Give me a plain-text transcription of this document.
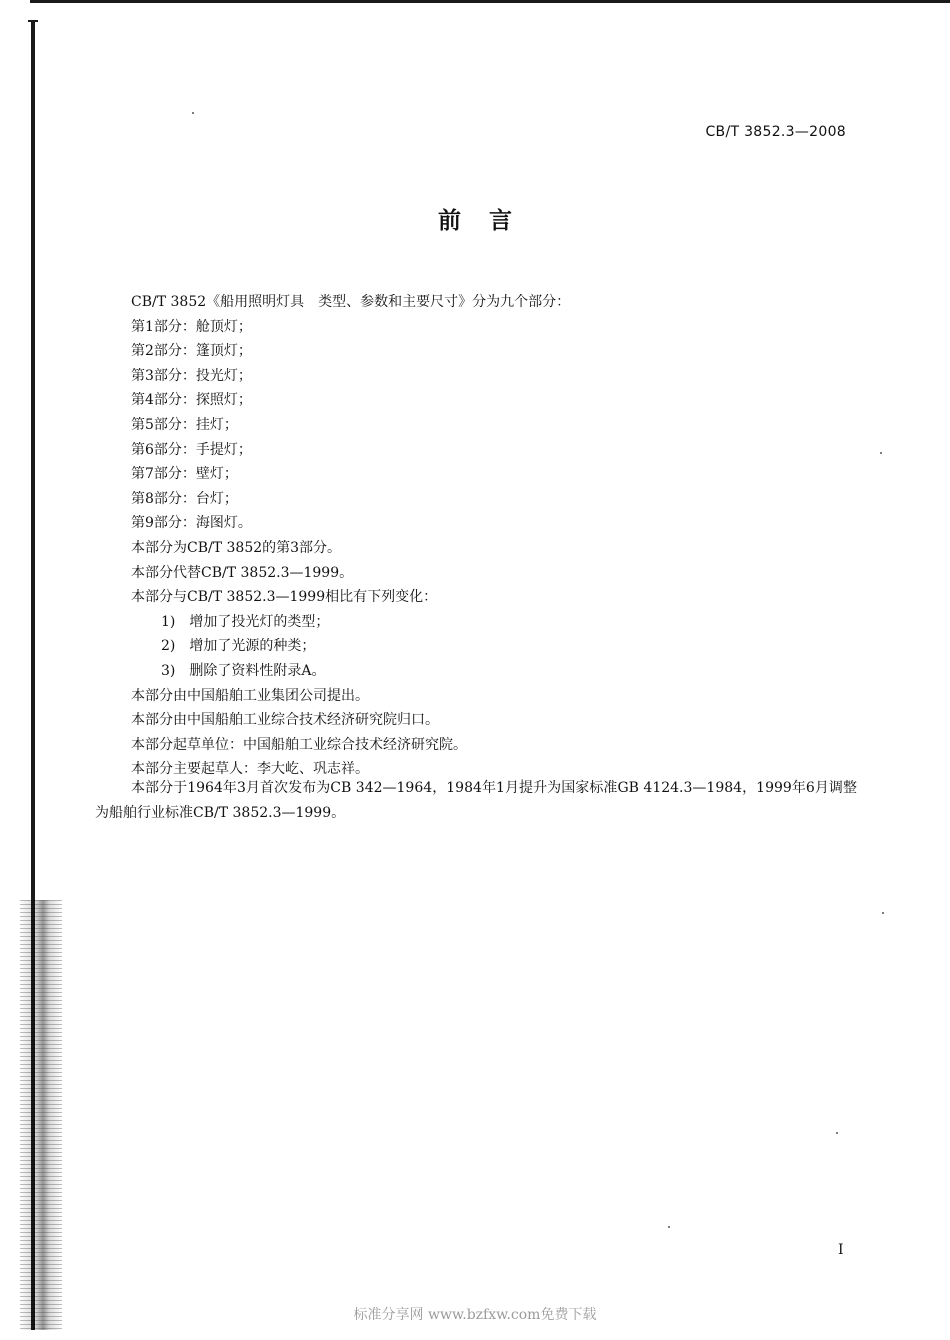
CB/T 3852.3—2008
前言

CB/T 3852《船用照明灯具　类型、参数和主要尺寸》分为九个部分：

第1部分：舱顶灯；

第2部分：篷顶灯；

第3部分：投光灯；

第4部分：探照灯；

第5部分：挂灯；

第6部分：手提灯；

第7部分：壁灯；

第8部分：台灯；

第9部分：海图灯。

本部分为CB/T 3852的第3部分。

本部分代替CB/T 3852.3—1999。

本部分与CB/T 3852.3—1999相比有下列变化：

1)　增加了投光灯的类型；

2)　增加了光源的种类；

3)　删除了资料性附录A。

本部分由中国船舶工业集团公司提出。

本部分由中国船舶工业综合技术经济研究院归口。

本部分起草单位：中国船舶工业综合技术经济研究院。

本部分主要起草人：李大屹、巩志祥。

本部分于1964年3月首次发布为CB 342—1964，1984年1月提升为国家标准GB 4124.3—1984，1999年6月调整为船舶行业标准CB/T 3852.3—1999。

I
标准分享网 www.bzfxw.com免费下载
